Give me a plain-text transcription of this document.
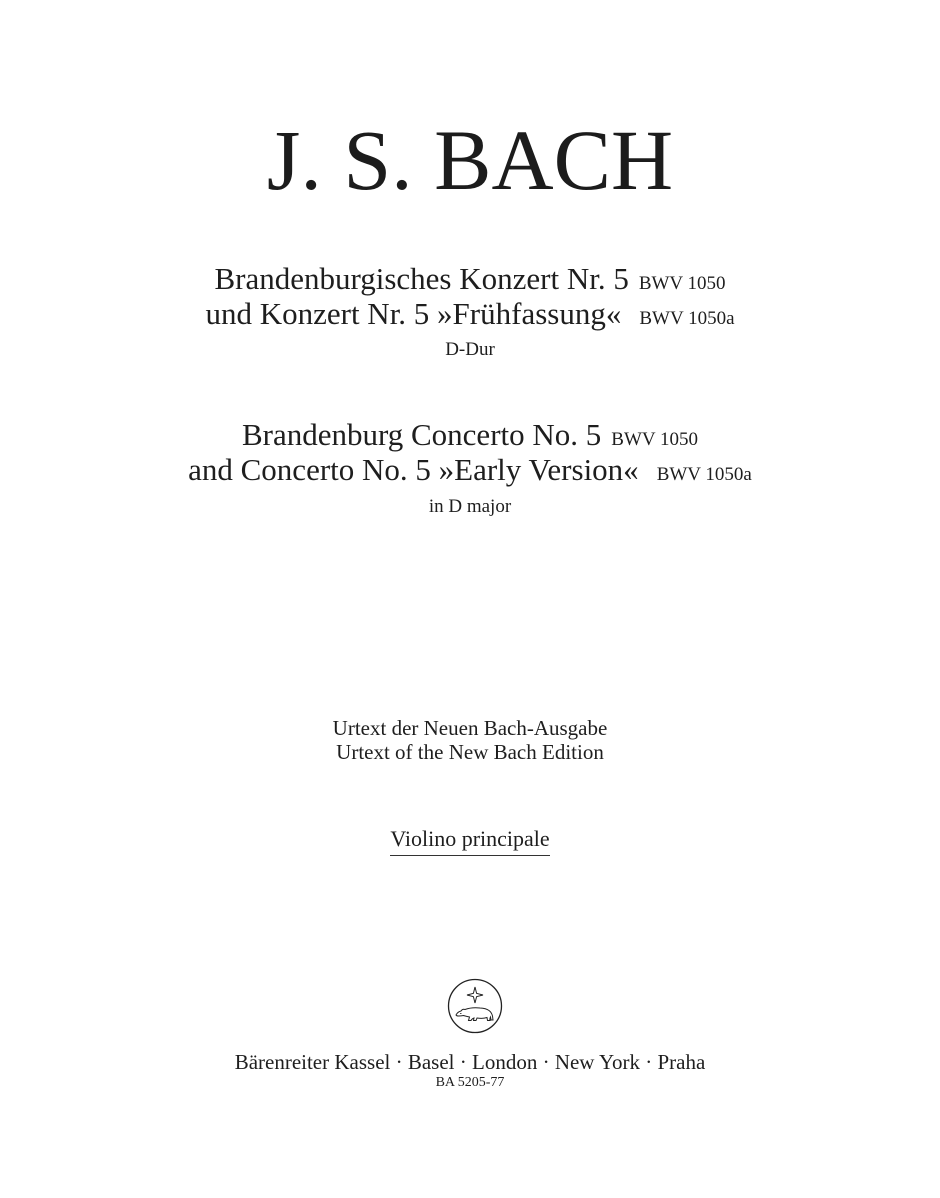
J. S. BACH
Brandenburgisches Konzert Nr. 5 BWV 1050
und Konzert Nr. 5 »Frühfassung« BWV 1050a
D-Dur
Brandenburg Concerto No. 5 BWV 1050
and Concerto No. 5 »Early Version« BWV 1050a
in D major
Urtext der Neuen Bach-Ausgabe
Urtext of the New Bach Edition
Violino principale
Bärenreiter Kassel · Basel · London · New York · Praha
BA 5205-77
